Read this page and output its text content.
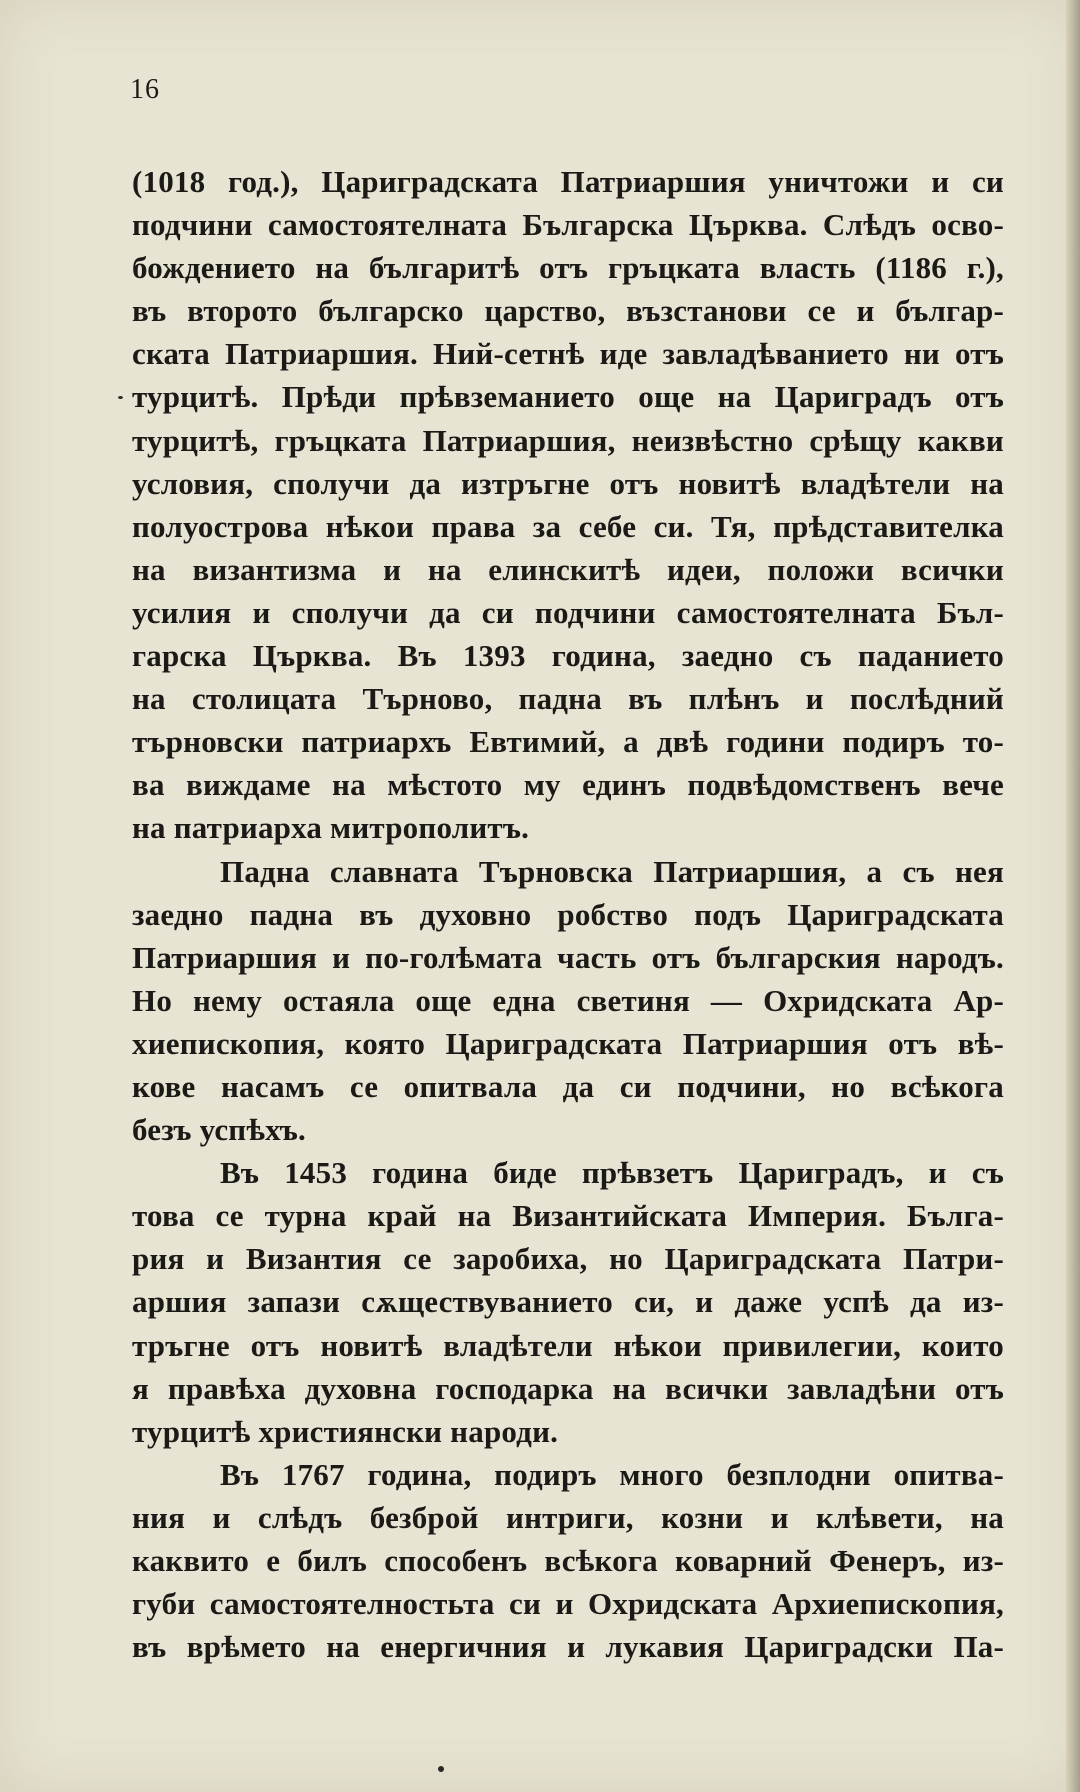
16
(1018 год.), Цариградската Патриаршия уничтожи и си
подчини самостоятелната Българска Църква. Слѣдъ осво-
бождението на българитѣ отъ гръцката власть (1186 г.),
въ второто българско царство, възстанови се и българ-
ската Патриаршия. Ний-сетнѣ иде завладѣванието ни отъ
турцитѣ. Прѣди прѣвземанието още на Цариградъ отъ
турцитѣ, гръцката Патриаршия, неизвѣстно срѣщу какви
условия, сполучи да изтръгне отъ новитѣ владѣтели на
полуострова нѣкои права за себе си. Тя, прѣдставителка
на византизма и на елинскитѣ идеи, положи всички
усилия и сполучи да си подчини самостоятелната Бъл-
гарска Църква. Въ 1393 година, заедно съ паданието
на столицата Търново, падна въ плѣнъ и послѣдний
търновски патриархъ Евтимий, а двѣ години подиръ то-
ва виждаме на мѣстото му единъ подвѣдомственъ вече
на патриарха митрополитъ.
Падна славната Търновска Патриаршия, а съ нея
заедно падна въ духовно робство подъ Цариградската
Патриаршия и по-голѣмата часть отъ българския народъ.
Но нему остаяла още една светиня — Охридската Ар-
хиепископия, която Цариградската Патриаршия отъ вѣ-
кове насамъ се опитвала да си подчини, но всѣкога
безъ успѣхъ.
Въ 1453 година биде прѣвзетъ Цариградъ, и съ
това се турна край на Византийската Империя. Бълга-
рия и Византия се заробиха, но Цариградската Патри-
аршия запази сѫществуванието си, и даже успѣ да из-
тръгне отъ новитѣ владѣтели нѣкои привилегии, които
я правѣха духовна господарка на всички завладѣни отъ
турцитѣ християнски народи.
Въ 1767 година, подиръ много безплодни опитва-
ния и слѣдъ безброй интриги, козни и клѣвети, на
каквито е билъ способенъ всѣкога коварний Фенеръ, из-
губи самостоятелностьта си и Охридската Архиепископия,
въ врѣмето на енергичния и лукавия Цариградски Па-
